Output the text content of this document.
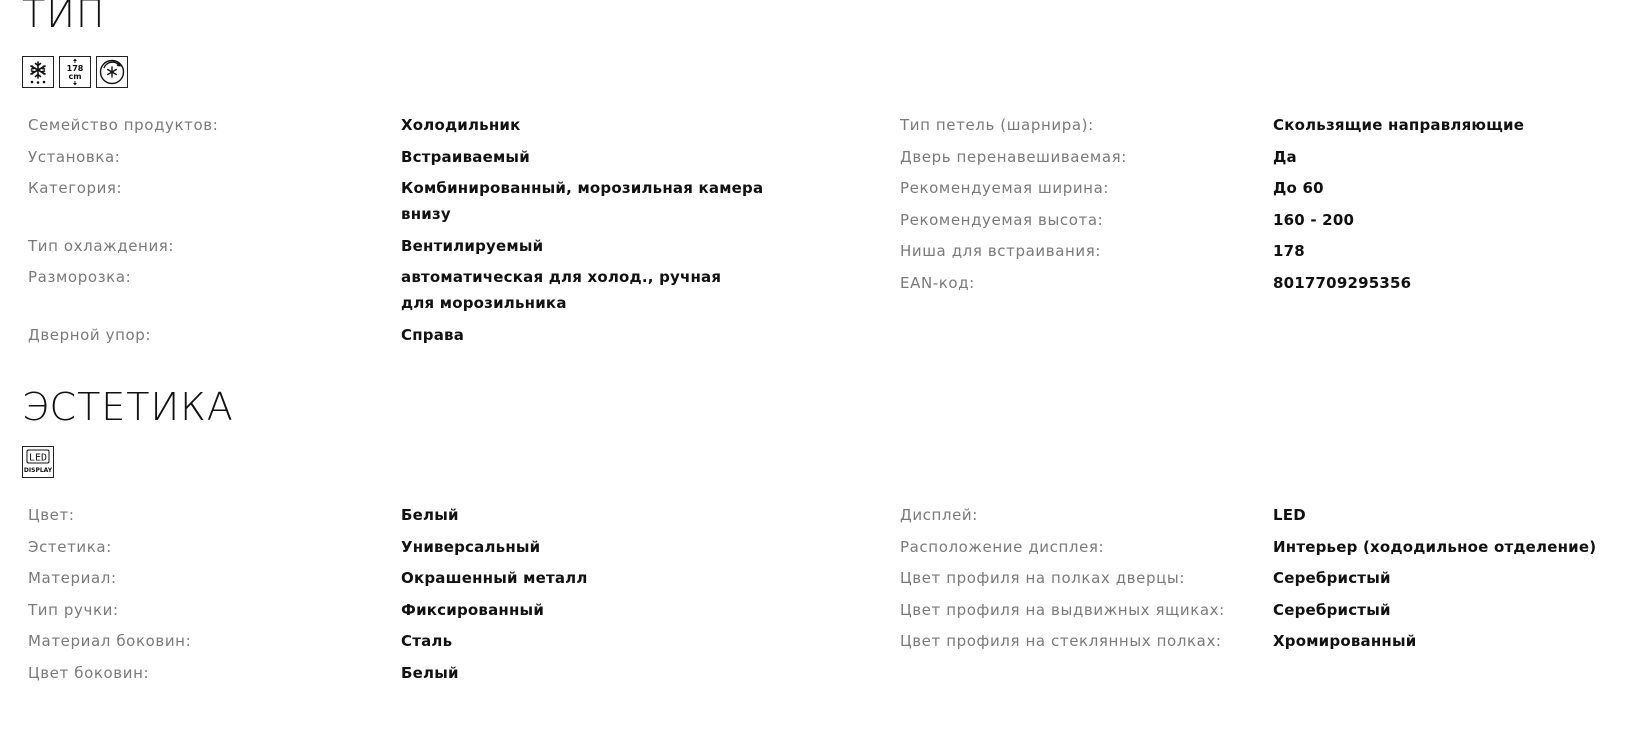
ТИП
178
cm
Семейство продуктов:	Холодильник
Установка:	Встраиваемый
Категория:	Комбинированный, морозильная камера внизу
Тип охлаждения:	Вентилируемый
Разморозка:	автоматическая для холод., ручная для морозильника
Дверной упор:	Справа
Тип петель (шарнира):	Скользящие направляющие
Дверь перенавешиваемая:	Да
Рекомендуемая ширина:	До 60
Рекомендуемая высота:	160 - 200
Ниша для встраивания:	178
EAN-код:	8017709295356
ЭСТЕТИКА
LED
DISPLAY
Цвет:	Белый
Эстетика:	Универсальный
Материал:	Окрашенный металл
Тип ручки:	Фиксированный
Материал боковин:	Сталь
Цвет боковин:	Белый
Дисплей:	LED
Расположение дисплея:	Интерьер (хододильное отделение)
Цвет профиля на полках дверцы:	Серебристый
Цвет профиля на выдвижных ящиках:	Серебристый
Цвет профиля на стеклянных полках:	Хромированный
